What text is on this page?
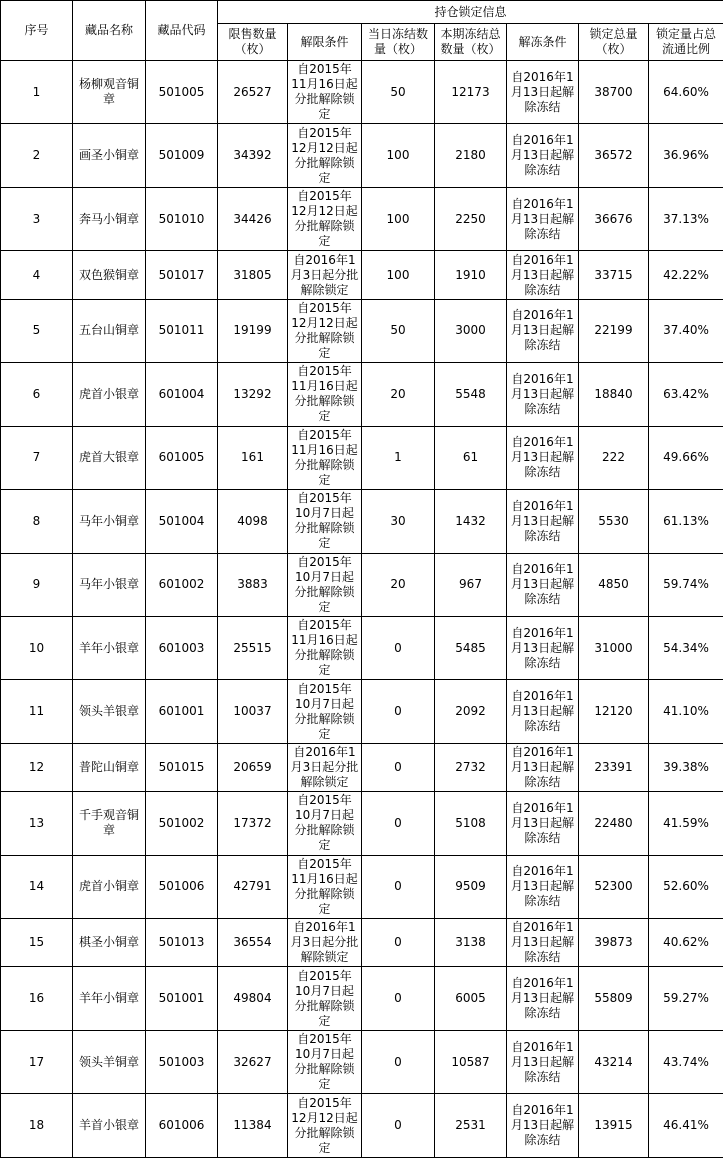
序号	藏品名称	藏品代码	持仓锁定信息						
			限售数量（枚）	解限条件	当日冻结数量（枚）	本期冻结总数量（枚）	解冻条件	锁定总量（枚）	锁定量占总流通比例
1	杨柳观音铜章	501005	26527	自2015年11月16日起分批解除锁定	50	12173	自2016年1月13日起解除冻结	38700	64.60%
2	画圣小铜章	501009	34392	自2015年12月12日起分批解除锁定	100	2180	自2016年1月13日起解除冻结	36572	36.96%
3	奔马小铜章	501010	34426	自2015年12月12日起分批解除锁定	100	2250	自2016年1月13日起解除冻结	36676	37.13%
4	双色猴铜章	501017	31805	自2016年1月3日起分批解除锁定	100	1910	自2016年1月13日起解除冻结	33715	42.22%
5	五台山铜章	501011	19199	自2015年12月12日起分批解除锁定	50	3000	自2016年1月13日起解除冻结	22199	37.40%
6	虎首小银章	601004	13292	自2015年11月16日起分批解除锁定	20	5548	自2016年1月13日起解除冻结	18840	63.42%
7	虎首大银章	601005	161	自2015年11月16日起分批解除锁定	1	61	自2016年1月13日起解除冻结	222	49.66%
8	马年小铜章	501004	4098	自2015年10月7日起分批解除锁定	30	1432	自2016年1月13日起解除冻结	5530	61.13%
9	马年小银章	601002	3883	自2015年10月7日起分批解除锁定	20	967	自2016年1月13日起解除冻结	4850	59.74%
10	羊年小银章	601003	25515	自2015年11月16日起分批解除锁定	0	5485	自2016年1月13日起解除冻结	31000	54.34%
11	领头羊银章	601001	10037	自2015年10月7日起分批解除锁定	0	2092	自2016年1月13日起解除冻结	12120	41.10%
12	普陀山铜章	501015	20659	自2016年1月3日起分批解除锁定	0	2732	自2016年1月13日起解除冻结	23391	39.38%
13	千手观音铜章	501002	17372	自2015年10月7日起分批解除锁定	0	5108	自2016年1月13日起解除冻结	22480	41.59%
14	虎首小铜章	501006	42791	自2015年11月16日起分批解除锁定	0	9509	自2016年1月13日起解除冻结	52300	52.60%
15	棋圣小铜章	501013	36554	自2016年1月3日起分批解除锁定	0	3138	自2016年1月13日起解除冻结	39873	40.62%
16	羊年小铜章	501001	49804	自2015年10月7日起分批解除锁定	0	6005	自2016年1月13日起解除冻结	55809	59.27%
17	领头羊铜章	501003	32627	自2015年10月7日起分批解除锁定	0	10587	自2016年1月13日起解除冻结	43214	43.74%
18	羊首小银章	601006	11384	自2015年12月12日起分批解除锁定	0	2531	自2016年1月13日起解除冻结	13915	46.41%
